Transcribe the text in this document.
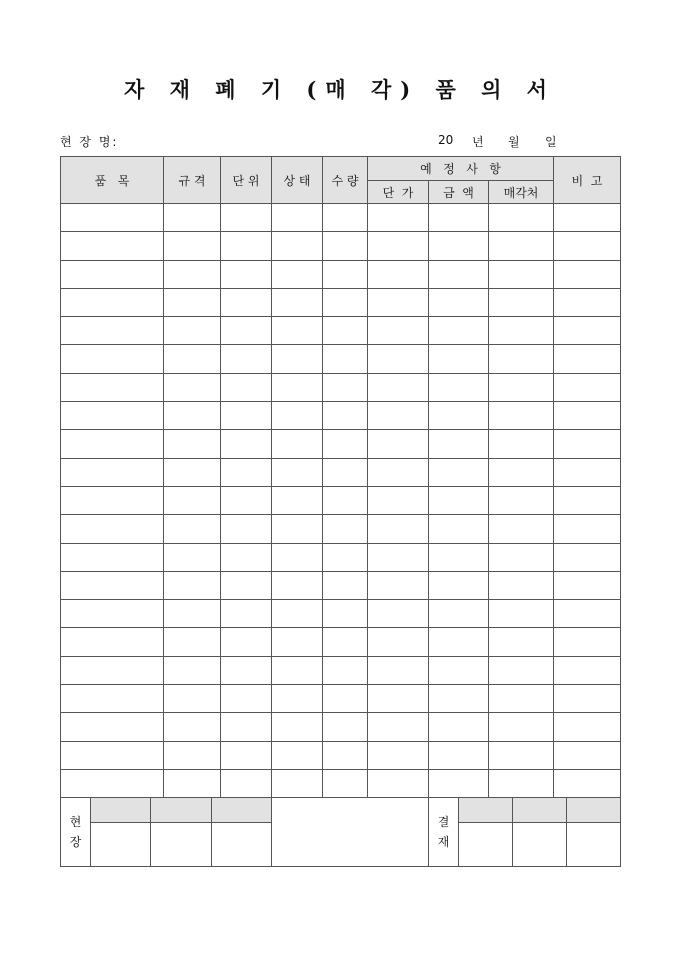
자 재 폐 기 (매 각) 품 의 서
현 장 명:	20 년 월 일
품   목	규 격	단 위	상 태	수 량	예   정   사   항			비  고
					단  가	금  액	매각처	

현
장					결
재			
